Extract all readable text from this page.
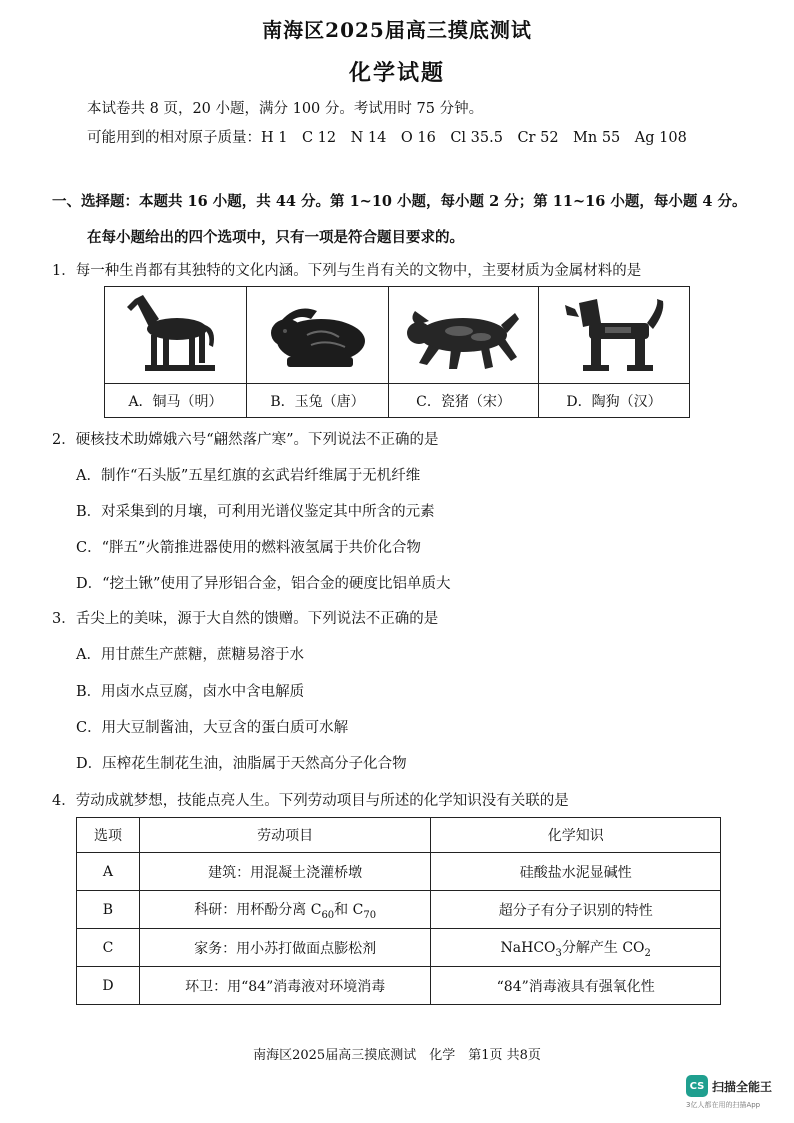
南海区2025届高三摸底测试
化学试题
本试卷共 8 页，20 小题，满分 100 分。考试用时 75 分钟。
可能用到的相对原子质量：H 1　C 12　N 14　O 16　Cl 35.5　Cr 52　Mn 55　Ag 108
一、选择题：本题共 16 小题，共 44 分。第 1~10 小题，每小题 2 分；第 11~16 小题，每小题 4 分。
在每小题给出的四个选项中，只有一项是符合题目要求的。
1．每一种生肖都有其独特的文化内涵。下列与生肖有关的文物中，主要材质为金属材料的是
A．铜马（明）	B．玉兔（唐）	C．瓷猪（宋）	D．陶狗（汉）
2．硬核技术助嫦娥六号“翩然落广寒”。下列说法不正确的是
A．制作“石头版”五星红旗的玄武岩纤维属于无机纤维
B．对采集到的月壤，可利用光谱仪鉴定其中所含的元素
C．“胖五”火箭推进器使用的燃料液氢属于共价化合物
D．“挖土锹”使用了异形铝合金，铝合金的硬度比铝单质大
3．舌尖上的美味，源于大自然的馈赠。下列说法不正确的是
A．用甘蔗生产蔗糖，蔗糖易溶于水
B．用卤水点豆腐，卤水中含电解质
C．用大豆制酱油，大豆含的蛋白质可水解
D．压榨花生制花生油，油脂属于天然高分子化合物
4．劳动成就梦想，技能点亮人生。下列劳动项目与所述的化学知识没有关联的是
选项	劳动项目	化学知识
A	建筑：用混凝土浇灌桥墩	硅酸盐水泥显碱性
B	科研：用杯酚分离 $C_{60}$和 $C_{70}$	超分子有分子识别的特性
C	家务：用小苏打做面点膨松剂	NaHCO$_3$分解产生 $CO_2$
D	环卫：用“84”消毒液对环境消毒	“84”消毒液具有强氧化性
南海区2025届高三摸底测试　化学　第1页 共8页
CS 扫描全能王
3亿人都在用的扫描App
